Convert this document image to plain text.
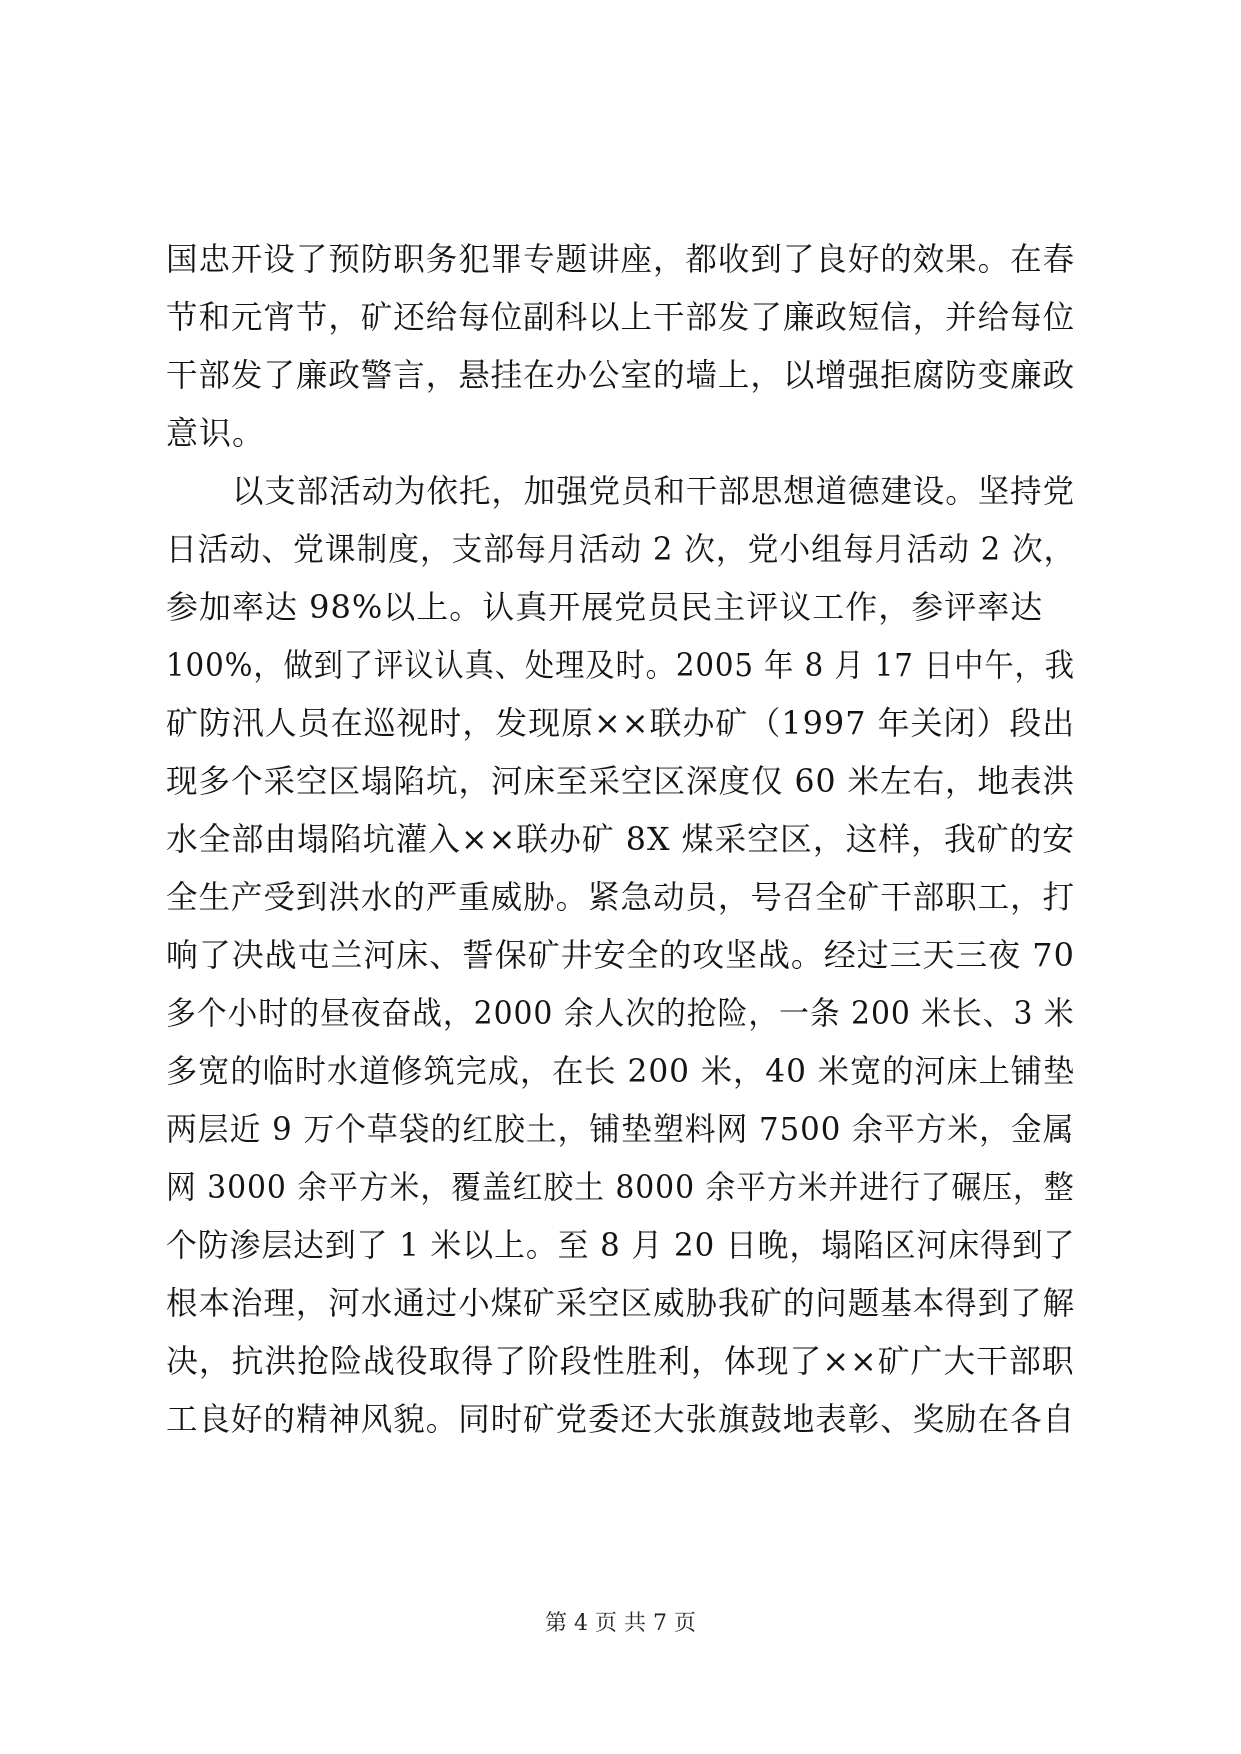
国忠开设了预防职务犯罪专题讲座，都收到了良好的效果。在春
节和元宵节，矿还给每位副科以上干部发了廉政短信，并给每位
干部发了廉政警言，悬挂在办公室的墙上，以增强拒腐防变廉政
意识。
以支部活动为依托，加强党员和干部思想道德建设。坚持党
日活动、党课制度，支部每月活动 2 次，党小组每月活动 2 次，
参加率达 98%以上。认真开展党员民主评议工作，参评率达
100%，做到了评议认真、处理及时。2005 年 8 月 17 日中午，我
矿防汛人员在巡视时，发现原××联办矿（1997 年关闭）段出
现多个采空区塌陷坑，河床至采空区深度仅 60 米左右，地表洪
水全部由塌陷坑灌入××联办矿 8X 煤采空区，这样，我矿的安
全生产受到洪水的严重威胁。紧急动员，号召全矿干部职工，打
响了决战屯兰河床、誓保矿井安全的攻坚战。经过三天三夜 70
多个小时的昼夜奋战，2000 余人次的抢险，一条 200 米长、3 米
多宽的临时水道修筑完成，在长 200 米，40 米宽的河床上铺垫
两层近 9 万个草袋的红胶土，铺垫塑料网 7500 余平方米，金属
网 3000 余平方米，覆盖红胶土 8000 余平方米并进行了碾压，整
个防渗层达到了 1 米以上。至 8 月 20 日晚，塌陷区河床得到了
根本治理，河水通过小煤矿采空区威胁我矿的问题基本得到了解
决，抗洪抢险战役取得了阶段性胜利，体现了××矿广大干部职
工良好的精神风貌。同时矿党委还大张旗鼓地表彰、奖励在各自
第 4 页 共 7 页
